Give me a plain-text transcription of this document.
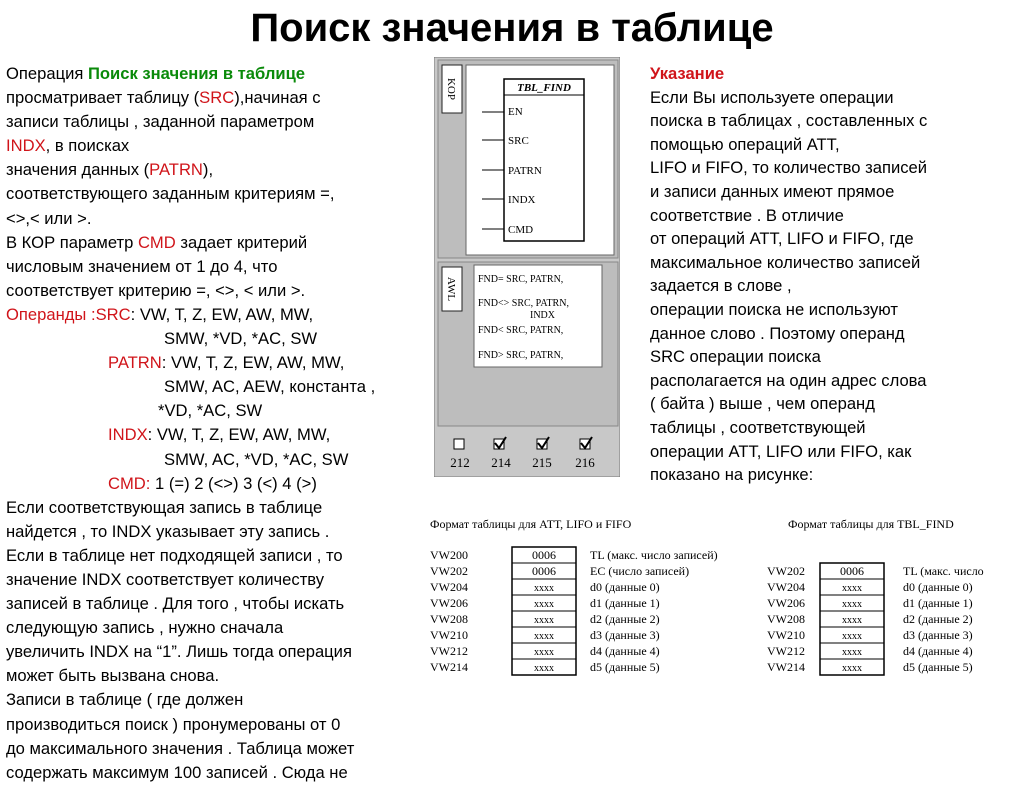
Поиск значения в таблице
Операция Поиск значения в таблице
просматривает таблицу (SRC),начиная с
записи таблицы , заданной параметром
INDX, в поисках
значения данных (PATRN),
соответствующего заданным критериям =,
<>,< или >.
В КОР параметр CMD задает критерий
числовым значением от 1 до 4, что
соответствует критерию =, <>, < или >.
Операнды :SRC: VW, T, Z, EW, AW, MW,
SMW, *VD, *AC, SW
PATRN: VW, T, Z, EW, AW, MW,
SMW, AC, AEW, константа ,
*VD, *AC, SW
INDX: VW, T, Z, EW, AW, MW,
SMW, AC, *VD, *AC, SW
CMD: 1 (=) 2 (<>) 3 (<) 4 (>)
Если соответствующая запись в таблице
найдется , то INDX указывает эту запись .
Если в таблице нет подходящей записи , то
значение INDX соответствует количеству
записей в таблице . Для того , чтобы искать
следующую запись , нужно сначала
увеличить INDX на “1”. Лишь тогда операция
может быть вызвана снова.
Записи в таблице ( где должен
производиться поиск ) пронумерованы от 0
до максимального значения . Таблица может
содержать максимум 100 записей . Сюда не
Указание
Если Вы используете операции
поиска в таблицах , составленных с
помощью операций АТТ,
LIFO и FIFO, то количество записей
и записи данных имеют прямое
соответствие . В отличие
от операций АТТ, LIFO и FIFO, где
максимальное количество записей
задается в слове ,
операции поиска не используют
данное слово . Поэтому операнд
SRC операции поиска
располагается на один адрес слова
( байта ) выше , чем операнд
таблицы , соответствующей
операции АТТ, LIFO или FIFO, как
показано на рисунке:
KOP	TBL_FIND
EN
SRC
PATRN
INDX
CMD
AWL FND= SRC, PATRN,
FND<> SRC, PATRN,
INDX
FND< SRC, PATRN,
FND> SRC, PATRN,
212 214 215 216
Формат таблицы для АТТ, LIFO и FIFO	Формат таблицы для TBL_FIND
VW200
VW202
VW204
VW206
VW208
VW210
VW212
VW214
0006
0006
xxxx
xxxx
xxxx
xxxx
xxxx
xxxx
TL (макс. число записей)
EC (число записей)
d0 (данные 0)
d1 (данные 1)
d2 (данные 2)
d3 (данные 3)
d4 (данные 4)
d5 (данные 5)
VW202
VW204
VW206
VW208
VW210
VW212
VW214
0006
xxxx
xxxx
xxxx
xxxx
xxxx
xxxx
TL (макс. число
d0 (данные 0)
d1 (данные 1)
d2 (данные 2)
d3 (данные 3)
d4 (данные 4)
d5 (данные 5)
